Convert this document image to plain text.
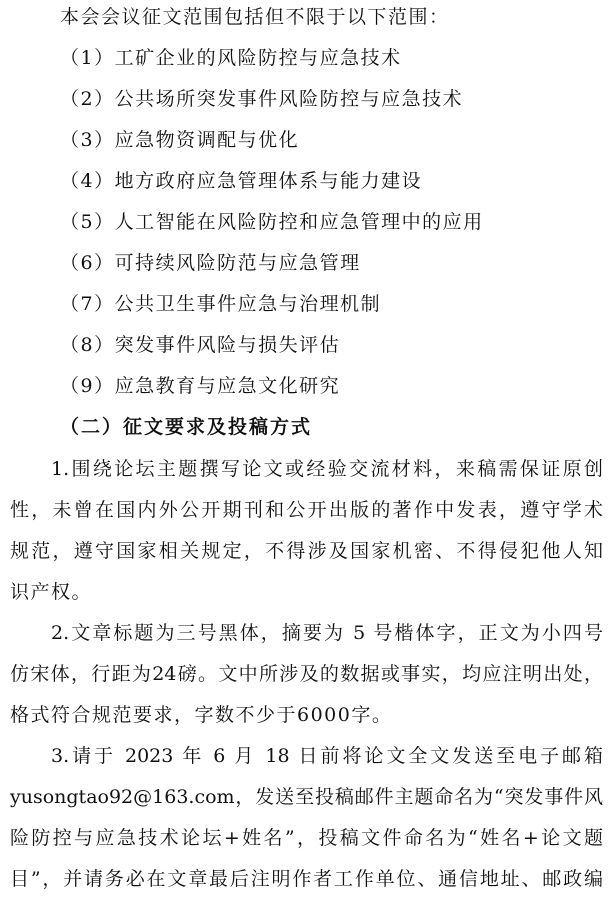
本会会议征文范围包括但不限于以下范围：
（1）工矿企业的风险防控与应急技术
（2）公共场所突发事件风险防控与应急技术
（3）应急物资调配与优化
（4）地方政府应急管理体系与能力建设
（5）人工智能在风险防控和应急管理中的应用
（6）可持续风险防范与应急管理
（7）公共卫生事件应急与治理机制
（8）突发事件风险与损失评估
（9）应急教育与应急文化研究
（二）征文要求及投稿方式
1.围绕论坛主题撰写论文或经验交流材料，来稿需保证原创
性，未曾在国内外公开期刊和公开出版的著作中发表，遵守学术
规范，遵守国家相关规定，不得涉及国家机密、不得侵犯他人知
识产权。
2.文章标题为三号黑体，摘要为 5 号楷体字，正文为小四号
仿宋体，行距为24磅。文中所涉及的数据或事实，均应注明出处，
格式符合规范要求，字数不少于6000字。
3.请于 2023 年 6 月 18 日前将论文全文发送至电子邮箱
yusongtao92@163.com，发送至投稿邮件主题命名为“突发事件风
险防控与应急技术论坛+姓名”，投稿文件命名为“姓名+论文题
目”，并请务必在文章最后注明作者工作单位、通信地址、邮政编
